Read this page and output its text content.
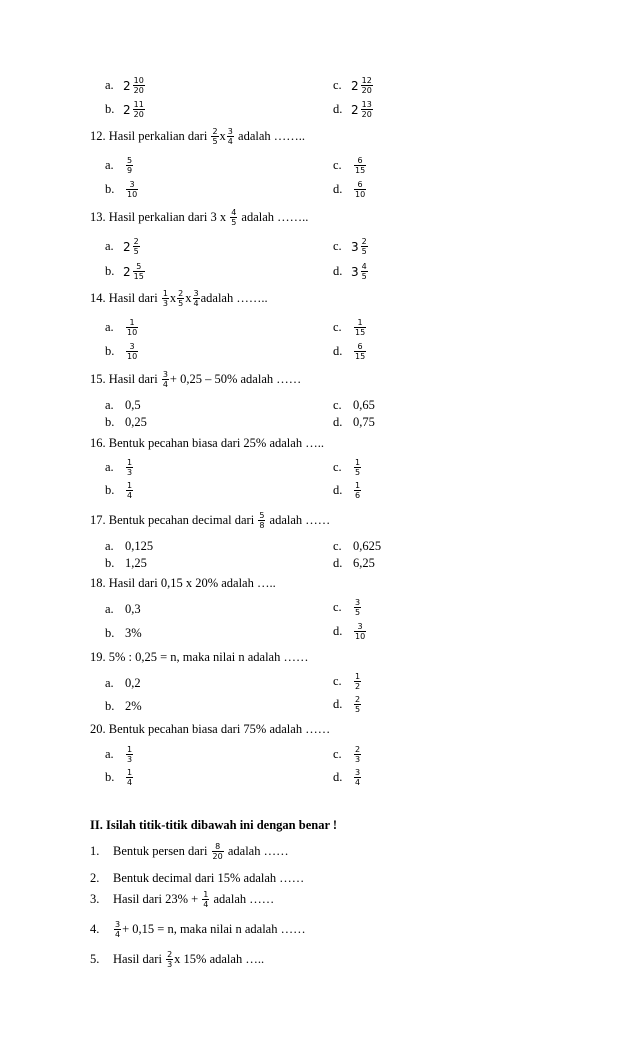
a. $2 \frac{10}{20}$	c. $2 \frac{12}{20}$
b. $2 \frac{11}{20}$	d. $2 \frac{13}{20}$
12. Hasil perkalian dari
$\frac{2}{5}$ x $\frac{3}{4}$
adalah ……..
a.	$\frac{5}{9}$	c.	$\frac{6}{15}$
b.	$\frac{3}{10}$	d.	$\frac{6}{10}$
13. Hasil perkalian dari 3 x
$\frac{4}{5}$
adalah ……..
a. $2 \frac{2}{5}$	c. $3 \frac{2}{5}$
b. $2 \frac{5}{15}$	d. $3 \frac{4}{5}$
14. Hasil dari
$\frac{1}{3}$ x $\frac{2}{5}$ x $\frac{3}{4}$ adalah ……..
a.	$\frac{1}{10}$	c.	$\frac{1}{15}$
b.	$\frac{3}{10}$	d.	$\frac{6}{15}$
15. Hasil dari
$\frac{3}{4} + 0,25 - 50\%$ adalah ……
a. 0,5	c. 0,65
b. 0,25	d. 0,75
16. Bentuk pecahan biasa dari 25% adalah …..
a.	$\frac{1}{3}$	c.	$\frac{1}{5}$
b.	$\frac{1}{4}$	d.	$\frac{1}{6}$
17. Bentuk pecahan decimal dari
$\frac{5}{8}$
adalah ……
a. 0,125	c. 0,625
b. 1,25	d. 6,25
18. Hasil dari 0,15 x 20% adalah …..
a. 0,3	c.	$\frac{3}{5}$
b. 3%	d.	$\frac{3}{10}$
19. 5% : 0,25 = n, maka nilai n adalah ……
a. 0,2	c.	$\frac{1}{2}$
b. 2%	d.	$\frac{2}{5}$
20. Bentuk pecahan biasa dari 75% adalah ……
a.	$\frac{1}{3}$	c.	$\frac{2}{3}$
b.	$\frac{1}{4}$	d.	$\frac{3}{4}$
II. Isilah titik-titik dibawah ini dengan benar !
1.	Bentuk persen dari
$\frac{8}{20}$
adalah ……
2.	Bentuk decimal dari 15% adalah ……
3.	Hasil dari 23% +
$\frac{1}{4}$
adalah ……
4.	$\frac{3}{4} + 0,15 = n$, maka nilai n adalah ……
5.	Hasil dari
$\frac{2}{3}$ x 15% adalah …..
